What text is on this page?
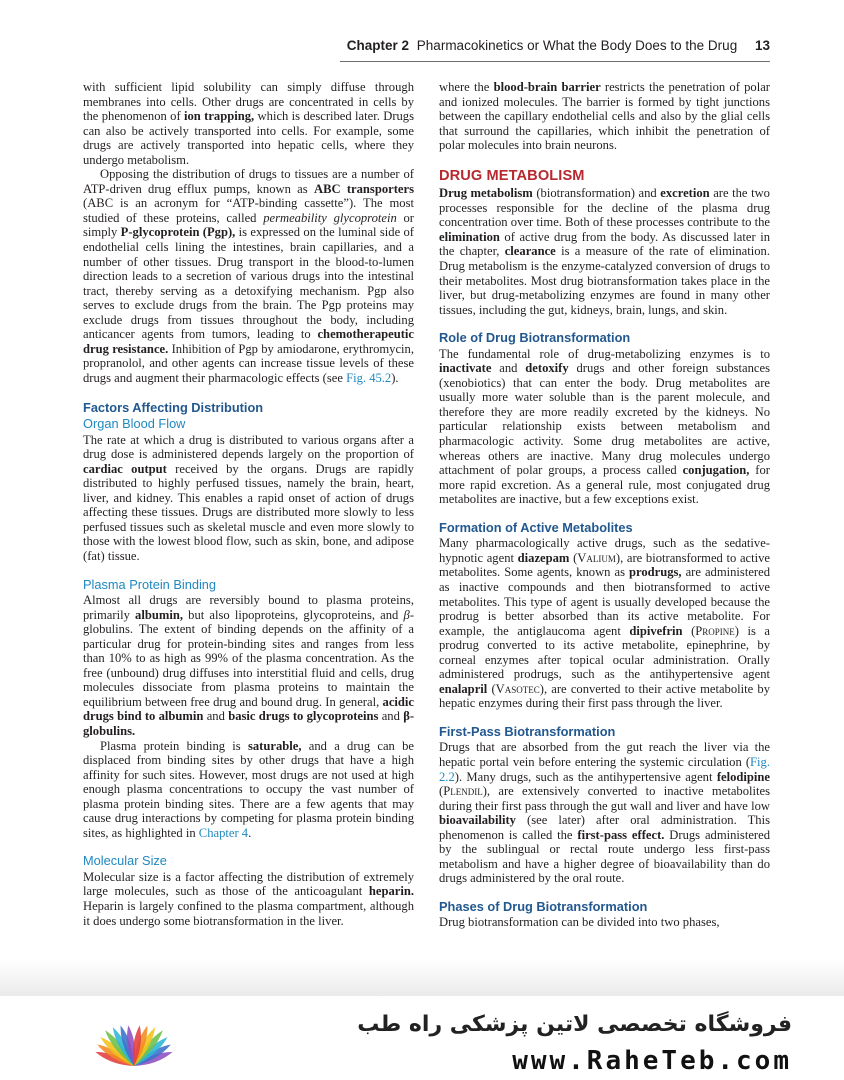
Chapter 2 Pharmacokinetics or What the Body Does to the Drug 13

with sufficient lipid solubility can simply diffuse through membranes into cells. Other drugs are concentrated in cells by the phenomenon of ion trapping, which is described later. Drugs can also be actively transported into cells. For example, some drugs are actively transported into hepatic cells, where they undergo metabolism.

Opposing the distribution of drugs to tissues are a number of ATP-driven drug efflux pumps, known as ABC transporters (ABC is an acronym for “ATP-binding cassette”). The most studied of these proteins, called permeability glycoprotein or simply P-glycoprotein (Pgp), is expressed on the luminal side of endothelial cells lining the intestines, brain capillaries, and a number of other tissues. Drug transport in the blood-to-lumen direction leads to a secretion of various drugs into the intestinal tract, thereby serving as a detoxifying mechanism. Pgp also serves to exclude drugs from the brain. The Pgp proteins may exclude drugs from tissues throughout the body, including anticancer agents from tumors, leading to chemotherapeutic drug resistance. Inhibition of Pgp by amiodarone, erythromycin, propranolol, and other agents can increase tissue levels of these drugs and augment their pharmacologic effects (see Fig. 45.2).

Factors Affecting Distribution
Organ Blood Flow

The rate at which a drug is distributed to various organs after a drug dose is administered depends largely on the proportion of cardiac output received by the organs. Drugs are rapidly distributed to highly perfused tissues, namely the brain, heart, liver, and kidney. This enables a rapid onset of action of drugs affecting these tissues. Drugs are distributed more slowly to less perfused tissues such as skeletal muscle and even more slowly to those with the lowest blood flow, such as skin, bone, and adipose (fat) tissue.

Plasma Protein Binding

Almost all drugs are reversibly bound to plasma proteins, primarily albumin, but also lipoproteins, glycoproteins, and β-globulins. The extent of binding depends on the affinity of a particular drug for protein-binding sites and ranges from less than 10% to as high as 99% of the plasma concentration. As the free (unbound) drug diffuses into interstitial fluid and cells, drug molecules dissociate from plasma proteins to maintain the equilibrium between free drug and bound drug. In general, acidic drugs bind to albumin and basic drugs to glycoproteins and β-globulins.

Plasma protein binding is saturable, and a drug can be displaced from binding sites by other drugs that have a high affinity for such sites. However, most drugs are not used at high enough plasma concentrations to occupy the vast number of plasma protein binding sites. There are a few agents that may cause drug interactions by competing for plasma protein binding sites, as highlighted in Chapter 4.

Molecular Size

Molecular size is a factor affecting the distribution of extremely large molecules, such as those of the anticoagulant heparin. Heparin is largely confined to the plasma compartment, although it does undergo some biotransformation in the liver.

where the blood-brain barrier restricts the penetration of polar and ionized molecules. The barrier is formed by tight junctions between the capillary endothelial cells and also by the glial cells that surround the capillaries, which inhibit the penetration of polar molecules into brain neurons.

DRUG METABOLISM

Drug metabolism (biotransformation) and excretion are the two processes responsible for the decline of the plasma drug concentration over time. Both of these processes contribute to the elimination of active drug from the body. As discussed later in the chapter, clearance is a measure of the rate of elimination. Drug metabolism is the enzyme-catalyzed conversion of drugs to their metabolites. Most drug biotransformation takes place in the liver, but drug-metabolizing enzymes are found in many other tissues, including the gut, kidneys, brain, lungs, and skin.

Role of Drug Biotransformation

The fundamental role of drug-metabolizing enzymes is to inactivate and detoxify drugs and other foreign substances (xenobiotics) that can enter the body. Drug metabolites are usually more water soluble than is the parent molecule, and therefore they are more readily excreted by the kidneys. No particular relationship exists between metabolism and pharmacologic activity. Some drug metabolites are active, whereas others are inactive. Many drug molecules undergo attachment of polar groups, a process called conjugation, for more rapid excretion. As a general rule, most conjugated drug metabolites are inactive, but a few exceptions exist.

Formation of Active Metabolites

Many pharmacologically active drugs, such as the sedative-hypnotic agent diazepam (Valium), are biotransformed to active metabolites. Some agents, known as prodrugs, are administered as inactive compounds and then biotransformed to active metabolites. This type of agent is usually developed because the prodrug is better absorbed than its active metabolite. For example, the antiglaucoma agent dipivefrin (Propine) is a prodrug converted to its active metabolite, epinephrine, by corneal enzymes after topical ocular administration. Orally administered prodrugs, such as the antihypertensive agent enalapril (Vasotec), are converted to their active metabolite by hepatic enzymes during their first pass through the liver.

First-Pass Biotransformation

Drugs that are absorbed from the gut reach the liver via the hepatic portal vein before entering the systemic circulation (Fig. 2.2). Many drugs, such as the antihypertensive agent felodipine (Plendil), are extensively converted to inactive metabolites during their first pass through the gut wall and liver and have low bioavailability (see later) after oral administration. This phenomenon is called the first-pass effect. Drugs administered by the sublingual or rectal route undergo less first-pass metabolism and have a higher degree of bioavailability than do drugs administered by the oral route.

Phases of Drug Biotransformation

Drug biotransformation can be divided into two phases,

فروشگاه تخصصی لاتین پزشکی راه طب
www.RaheTeb.com
